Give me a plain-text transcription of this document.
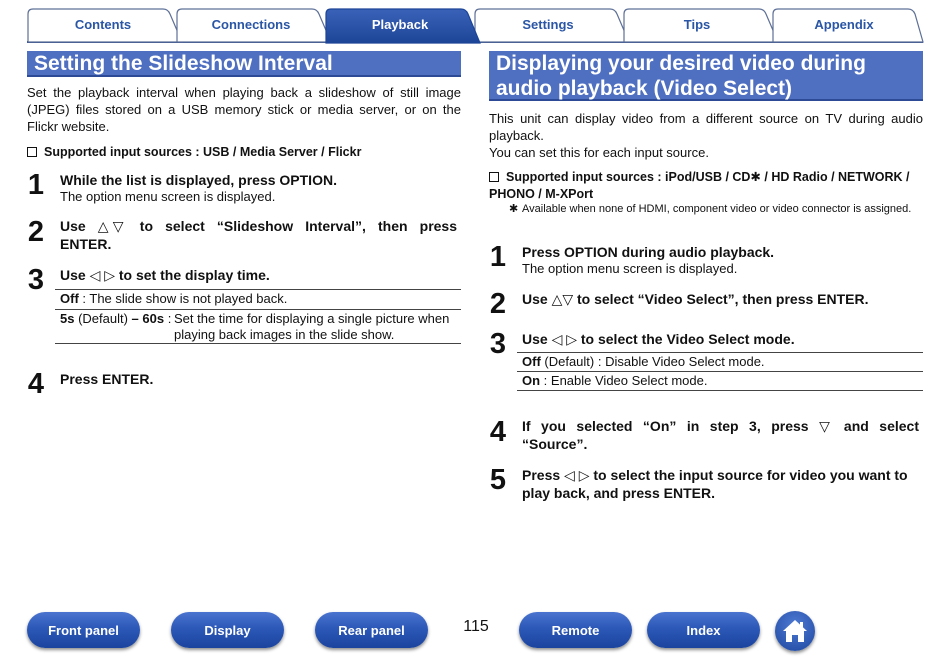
Contents	Connections	Playback	Settings	Tips	Appendix
Setting the Slideshow Interval
Set the playback interval when playing back a slideshow of still image (JPEG) files stored on a USB memory stick or media server, or on the Flickr website.
Supported input sources : USB / Media Server / Flickr
1 While the list is displayed, press OPTION.
The option menu screen is displayed.
2 Use △▽ to select “Slideshow Interval”, then press ENTER.
3 Use ◁ ▷ to set the display time.
Off : The slide show is not played back.
5s (Default) – 60s : Set the time for displaying a single picture when playing back images in the slide show.
4 Press ENTER.
Displaying your desired video during audio playback (Video Select)
This unit can display video from a different source on TV during audio playback.
You can set this for each input source.
Supported input sources : iPod/USB / CD✱ / HD Radio / NETWORK / PHONO / M-XPort
✱ Available when none of HDMI, component video or video connector is assigned.
1 Press OPTION during audio playback.
The option menu screen is displayed.
2 Use △▽ to select “Video Select”, then press ENTER.
3 Use ◁ ▷ to select the Video Select mode.
Off (Default) : Disable Video Select mode.
On : Enable Video Select mode.
4 If you selected “On” in step 3, press ▽ and select “Source”.
5 Press ◁ ▷ to select the input source for video you want to play back, and press ENTER.
Front panel	Display	Rear panel	115	Remote	Index
